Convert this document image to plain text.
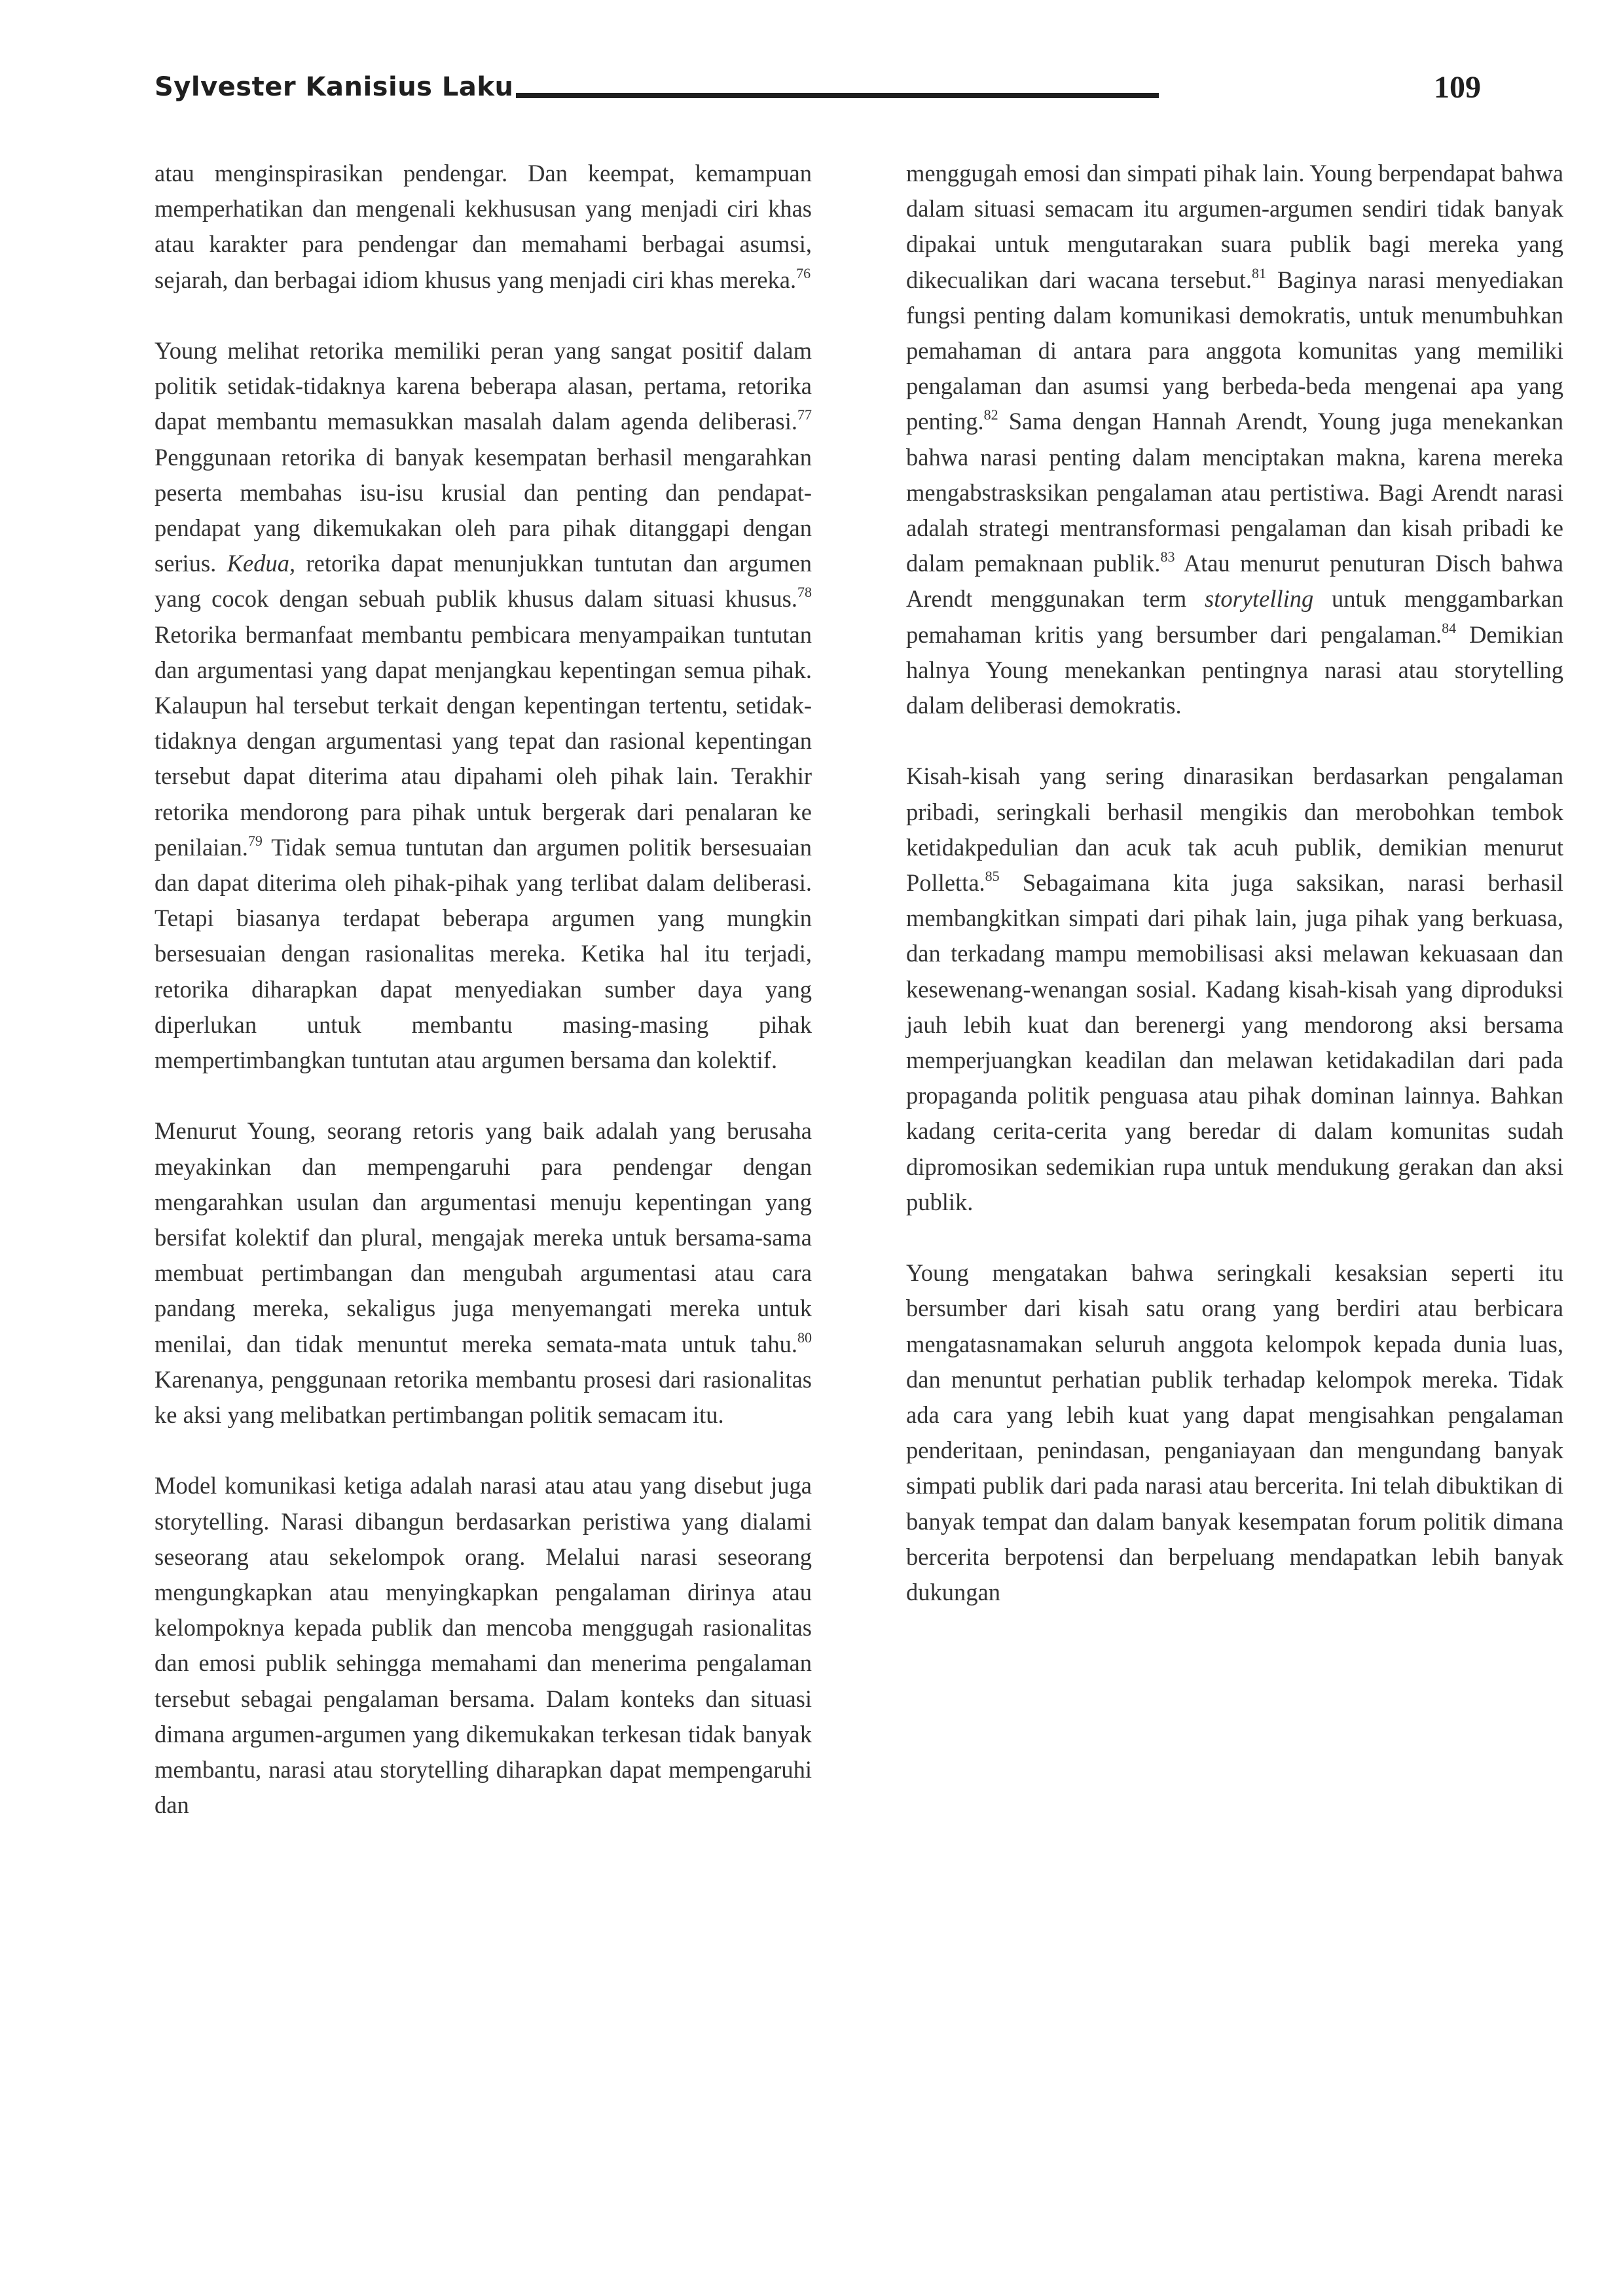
Sylvester Kanisius Laku	109

atau menginspirasikan pendengar. Dan keempat, kemampuan memperhatikan dan mengenali kekhususan yang menjadi ciri khas atau karakter para pendengar dan memahami berbagai asumsi, sejarah, dan berbagai idiom khusus yang menjadi ciri khas mereka.$^{76}$

Young melihat retorika memiliki peran yang sangat positif dalam politik setidak-tidaknya karena beberapa alasan, pertama, retorika dapat membantu memasukkan masalah dalam agenda deliberasi.$^{77}$ Penggunaan retorika di banyak kesempatan berhasil mengarahkan peserta membahas isu-isu krusial dan penting dan pendapat-pendapat yang dikemukakan oleh para pihak ditanggapi dengan serius. Kedua, retorika dapat menunjukkan tuntutan dan argumen yang cocok dengan sebuah publik khusus dalam situasi khusus.$^{78}$ Retorika bermanfaat membantu pembicara menyampaikan tuntutan dan argumentasi yang dapat menjangkau kepentingan semua pihak. Kalaupun hal tersebut terkait dengan kepentingan tertentu, setidak-tidaknya dengan argumentasi yang tepat dan rasional kepentingan tersebut dapat diterima atau dipahami oleh pihak lain. Terakhir retorika mendorong para pihak untuk bergerak dari penalaran ke penilaian.$^{79}$ Tidak semua tuntutan dan argumen politik bersesuaian dan dapat diterima oleh pihak-pihak yang terlibat dalam deliberasi. Tetapi biasanya terdapat beberapa argumen yang mungkin bersesuaian dengan rasionalitas mereka. Ketika hal itu terjadi, retorika diharapkan dapat menyediakan sumber daya yang diperlukan untuk membantu masing-masing pihak mempertimbangkan tuntutan atau argumen bersama dan kolektif.

Menurut Young, seorang retoris yang baik adalah yang berusaha meyakinkan dan mempengaruhi para pendengar dengan mengarahkan usulan dan argumentasi menuju kepentingan yang bersifat kolektif dan plural, mengajak mereka untuk bersama-sama membuat pertimbangan dan mengubah argumentasi atau cara pandang mereka, sekaligus juga menyemangati mereka untuk menilai, dan tidak menuntut mereka semata-mata untuk tahu.$^{80}$ Karenanya, penggunaan retorika membantu prosesi dari rasionalitas ke aksi yang melibatkan pertimbangan politik semacam itu.

Model komunikasi ketiga adalah narasi atau atau yang disebut juga storytelling. Narasi dibangun berdasarkan peristiwa yang dialami seseorang atau sekelompok orang. Melalui narasi seseorang mengungkapkan atau menyingkapkan pengalaman dirinya atau kelompoknya kepada publik dan mencoba menggugah rasionalitas dan emosi publik sehingga memahami dan menerima pengalaman tersebut sebagai pengalaman bersama. Dalam konteks dan situasi dimana argumen-argumen yang dikemukakan terkesan tidak banyak membantu, narasi atau storytelling diharapkan dapat mempengaruhi dan

menggugah emosi dan simpati pihak lain. Young berpendapat bahwa dalam situasi semacam itu argumen-argumen sendiri tidak banyak dipakai untuk mengutarakan suara publik bagi mereka yang dikecualikan dari wacana tersebut.$^{81}$ Baginya narasi menyediakan fungsi penting dalam komunikasi demokratis, untuk menumbuhkan pemahaman di antara para anggota komunitas yang memiliki pengalaman dan asumsi yang berbeda-beda mengenai apa yang penting.$^{82}$ Sama dengan Hannah Arendt, Young juga menekankan bahwa narasi penting dalam menciptakan makna, karena mereka mengabstrasksikan pengalaman atau pertistiwa. Bagi Arendt narasi adalah strategi mentransformasi pengalaman dan kisah pribadi ke dalam pemaknaan publik.$^{83}$ Atau menurut penuturan Disch bahwa Arendt menggunakan term storytelling untuk menggambarkan pemahaman kritis yang bersumber dari pengalaman.$^{84}$ Demikian halnya Young menekankan pentingnya narasi atau storytelling dalam deliberasi demokratis.

Kisah-kisah yang sering dinarasikan berdasarkan pengalaman pribadi, seringkali berhasil mengikis dan merobohkan tembok ketidakpedulian dan acuk tak acuh publik, demikian menurut Polletta.$^{85}$ Sebagaimana kita juga saksikan, narasi berhasil membangkitkan simpati dari pihak lain, juga pihak yang berkuasa, dan terkadang mampu memobilisasi aksi melawan kekuasaan dan kesewenang-wenangan sosial. Kadang kisah-kisah yang diproduksi jauh lebih kuat dan berenergi yang mendorong aksi bersama memperjuangkan keadilan dan melawan ketidakadilan dari pada propaganda politik penguasa atau pihak dominan lainnya. Bahkan kadang cerita-cerita yang beredar di dalam komunitas sudah dipromosikan sedemikian rupa untuk mendukung gerakan dan aksi publik.

Young mengatakan bahwa seringkali kesaksian seperti itu bersumber dari kisah satu orang yang berdiri atau berbicara mengatasnamakan seluruh anggota kelompok kepada dunia luas, dan menuntut perhatian publik terhadap kelompok mereka. Tidak ada cara yang lebih kuat yang dapat mengisahkan pengalaman penderitaan, penindasan, penganiayaan dan mengundang banyak simpati publik dari pada narasi atau bercerita. Ini telah dibuktikan di banyak tempat dan dalam banyak kesempatan forum politik dimana bercerita berpotensi dan berpeluang mendapatkan lebih banyak dukungan
